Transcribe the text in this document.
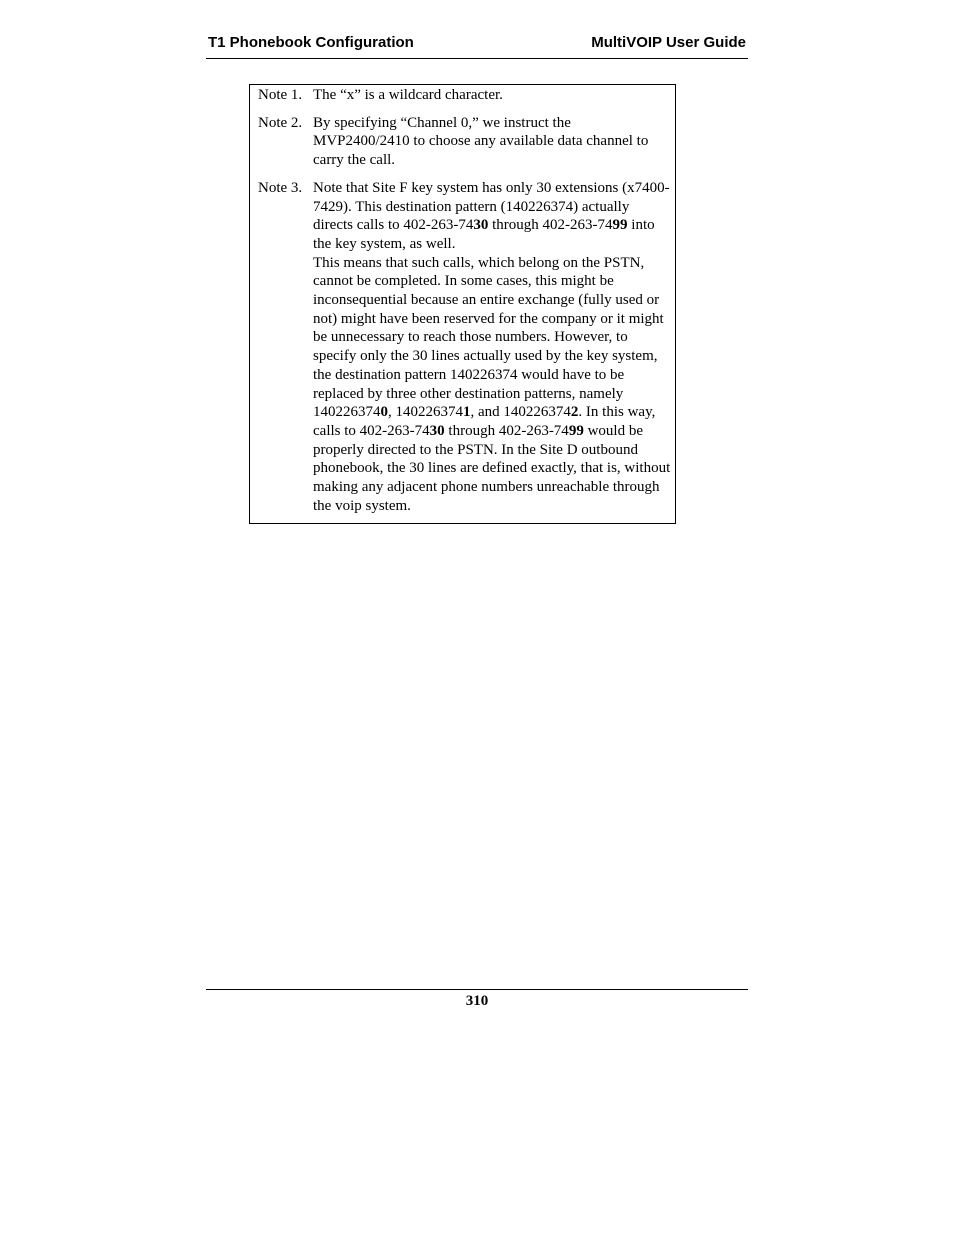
T1 Phonebook Configuration	MultiVOIP User Guide
Note 1. The “x” is a wildcard character.

Note 2. By specifying “Channel 0,” we instruct the MVP2400/2410 to choose any available data channel to carry the call.

Note 3. Note that Site F key system has only 30 extensions (x7400-7429). This destination pattern (140226374) actually directs calls to 402-263-7430 through 402-263-7499 into the key system, as well.

This means that such calls, which belong on the PSTN, cannot be completed. In some cases, this might be inconsequential because an entire exchange (fully used or not) might have been reserved for the company or it might be unnecessary to reach those numbers. However, to specify only the 30 lines actually used by the key system, the destination pattern 140226374 would have to be replaced by three other destination patterns, namely 1402263740, 1402263741, and 1402263742. In this way, calls to 402-263-7430 through 402-263-7499 would be properly directed to the PSTN. In the Site D outbound phonebook, the 30 lines are defined exactly, that is, without making any adjacent phone numbers unreachable through the voip system.

310
